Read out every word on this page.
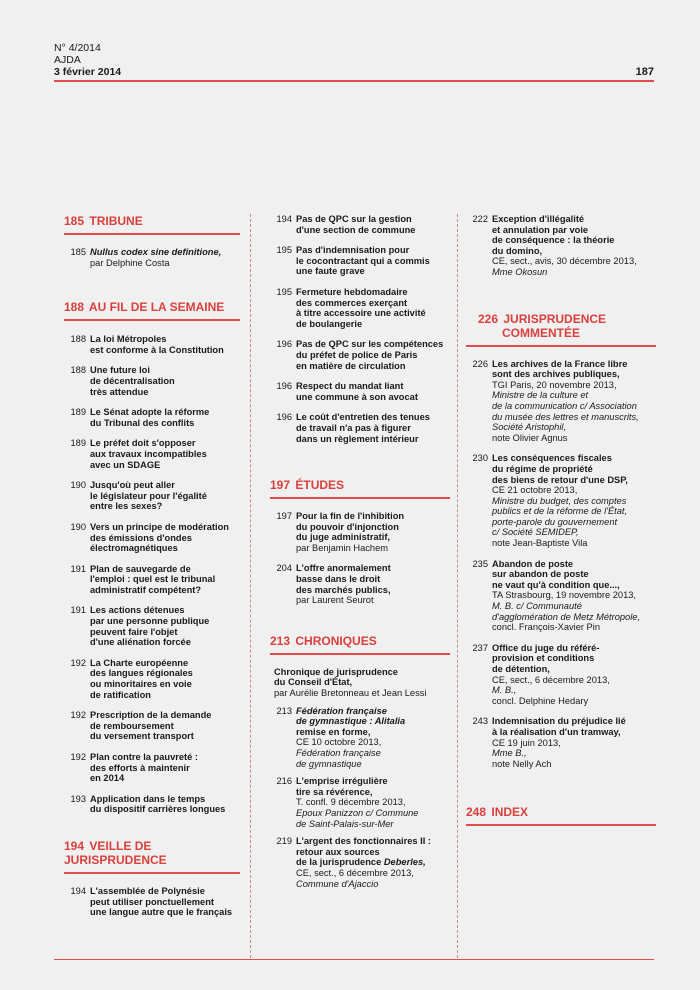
N° 4/2014
AJDA
3 février 2014	187
185 TRIBUNE
185 Nullus codex sine definitione,
par Delphine Costa
188 AU FIL DE LA SEMAINE
188 La loi Métropoles
est conforme à la Constitution
188 Une future loi
de décentralisation
très attendue
189 Le Sénat adopte la réforme
du Tribunal des conflits
189 Le préfet doit s'opposer
aux travaux incompatibles
avec un SDAGE
190 Jusqu'où peut aller
le législateur pour l'égalité
entre les sexes?
190 Vers un principe de modération
des émissions d'ondes
électromagnétiques
191 Plan de sauvegarde de
l'emploi : quel est le tribunal
administratif compétent?
191 Les actions détenues
par une personne publique
peuvent faire l'objet
d'une aliénation forcée
192 La Charte européenne
des langues régionales
ou minoritaires en voie
de ratification
192 Prescription de la demande
de remboursement
du versement transport
192 Plan contre la pauvreté :
des efforts à maintenir
en 2014
193 Application dans le temps
du dispositif carrières longues
194 VEILLE DE JURISPRUDENCE
194 L'assemblée de Polynésie
peut utiliser ponctuellement
une langue autre que le français
194 Pas de QPC sur la gestion
d'une section de commune
195 Pas d'indemnisation pour
le cocontractant qui a commis
une faute grave
195 Fermeture hebdomadaire
des commerces exerçant
à titre accessoire une activité
de boulangerie
196 Pas de QPC sur les compétences
du préfet de police de Paris
en matière de circulation
196 Respect du mandat liant
une commune à son avocat
196 Le coût d'entretien des tenues
de travail n'a pas à figurer
dans un règlement intérieur
197 ÉTUDES
197 Pour la fin de l'inhibition
du pouvoir d'injonction
du juge administratif,
par Benjamin Hachem
204 L'offre anormalement
basse dans le droit
des marchés publics,
par Laurent Seurot
213 CHRONIQUES
Chronique de jurisprudence
du Conseil d'État,
par Aurélie Bretonneau et Jean Lessi
213 Fédération française
de gymnastique : Alitalia
remise en forme,
CE 10 octobre 2013,
Fédération française
de gymnastique
216 L'emprise irrégulière
tire sa révérence,
T. confl. 9 décembre 2013,
Epoux Panizzon c/ Commune
de Saint-Palais-sur-Mer
219 L'argent des fonctionnaires II :
retour aux sources
de la jurisprudence Deberles,
CE, sect., 6 décembre 2013,
Commune d'Ajaccio
222 Exception d'illégalité
et annulation par voie
de conséquence : la théorie
du domino,
CE, sect., avis, 30 décembre 2013,
Mme Okosun
226 JURISPRUDENCE
COMMENTÉE
226 Les archives de la France libre
sont des archives publiques,
TGI Paris, 20 novembre 2013,
Ministre de la culture et
de la communication c/ Association
du musée des lettres et manuscrits,
Société Aristophil,
note Olivier Agnus
230 Les conséquences fiscales
du régime de propriété
des biens de retour d'une DSP,
CE 21 octobre 2013,
Ministre du budget, des comptes
publics et de la réforme de l'État,
porte-parole du gouvernement
c/ Société SEMIDEP,
note Jean-Baptiste Vila
235 Abandon de poste
sur abandon de poste
ne vaut qu'à condition que...,
TA Strasbourg, 19 novembre 2013,
M. B. c/ Communauté
d'agglomération de Metz Métropole,
concl. François-Xavier Pin
237 Office du juge du référé-
provision et conditions
de détention,
CE, sect., 6 décembre 2013,
M. B.,
concl. Delphine Hedary
243 Indemnisation du préjudice lié
à la réalisation d'un tramway,
CE 19 juin 2013,
Mme B.,
note Nelly Ach
248 INDEX
